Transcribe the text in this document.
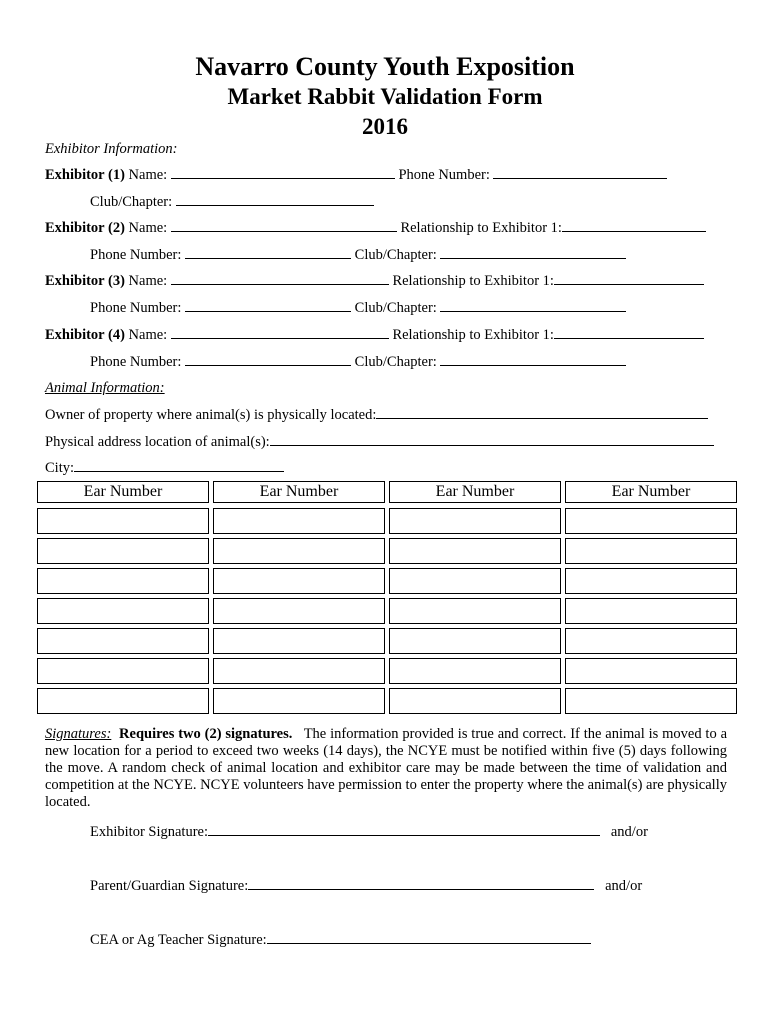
Navarro County Youth Exposition
Market Rabbit Validation Form
2016
Exhibitor Information:
Exhibitor (1) Name:	Phone Number:
Club/Chapter:
Exhibitor (2) Name:	Relationship to Exhibitor 1:
Phone Number:	Club/Chapter:
Exhibitor (3) Name:	Relationship to Exhibitor 1:
Phone Number:	Club/Chapter:
Exhibitor (4) Name:	Relationship to Exhibitor 1:
Phone Number:	Club/Chapter:
Animal Information:
Owner of property where animal(s) is physically located:
Physical address location of animal(s):
City:
Ear Number	Ear Number	Ear Number	Ear Number
Signatures: Requires two (2) signatures. The information provided is true and correct. If the animal is moved to a new location for a period to exceed two weeks (14 days), the NCYE must be notified within five (5) days following the move. A random check of animal location and exhibitor care may be made between the time of validation and competition at the NCYE. NCYE volunteers have permission to enter the property where the animal(s) are physically located.
Exhibitor Signature:	and/or
Parent/Guardian Signature:	and/or
CEA or Ag Teacher Signature:
